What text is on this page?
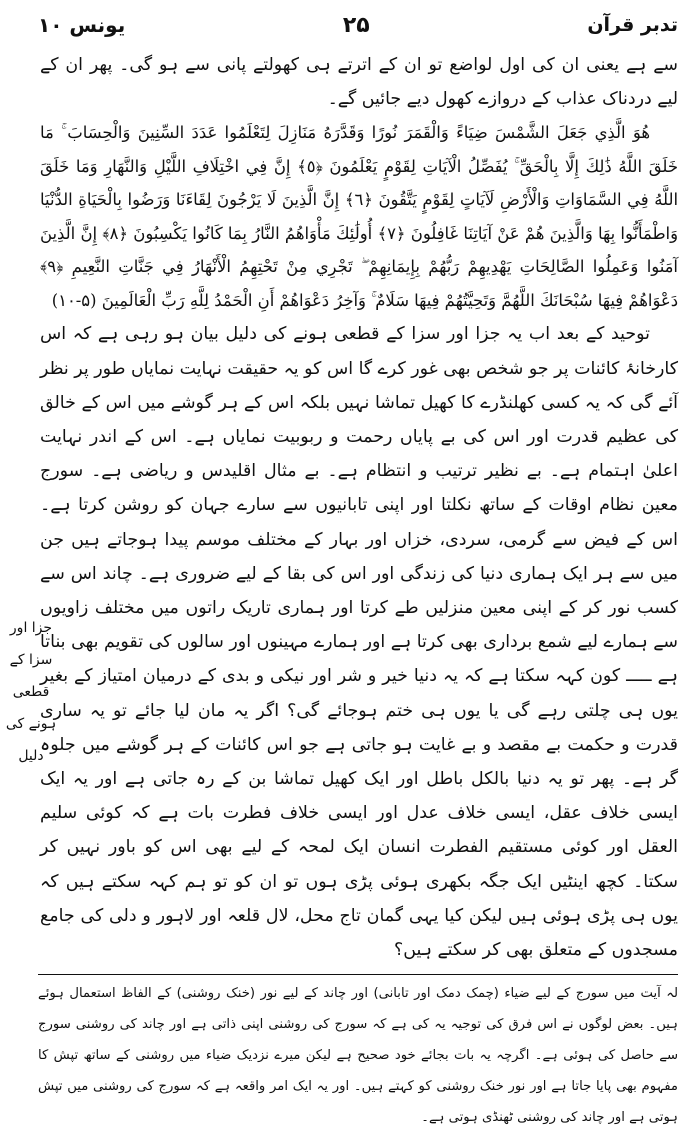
یونس ۱۰	۲۵	تدبر قرآن

سے ہے یعنی ان کی اول لواضع تو ان کے اترتے ہی کھولتے پانی سے ہو گی۔ پھر ان کے لیے دردناک عذاب کے دروازے کھول دیے جائیں گے۔

هُوَ الَّذِي جَعَلَ الشَّمْسَ ضِيَاءً وَالْقَمَرَ نُورًا وَقَدَّرَهُ مَنَازِلَ لِتَعْلَمُوا عَدَدَ السِّنِينَ وَالْحِسَابَ ۚ مَا خَلَقَ اللَّهُ ذَٰلِكَ إِلَّا بِالْحَقِّ ۚ يُفَصِّلُ الْآيَاتِ لِقَوْمٍ يَعْلَمُونَ ﴿٥﴾ إِنَّ فِي اخْتِلَافِ اللَّيْلِ وَالنَّهَارِ وَمَا خَلَقَ اللَّهُ فِي السَّمَاوَاتِ وَالْأَرْضِ لَآيَاتٍ لِقَوْمٍ يَتَّقُونَ ﴿٦﴾ إِنَّ الَّذِينَ لَا يَرْجُونَ لِقَاءَنَا وَرَضُوا بِالْحَيَاةِ الدُّنْيَا وَاطْمَأَنُّوا بِهَا وَالَّذِينَ هُمْ عَنْ آيَاتِنَا غَافِلُونَ ﴿٧﴾ أُولَٰئِكَ مَأْوَاهُمُ النَّارُ بِمَا كَانُوا يَكْسِبُونَ ﴿٨﴾ إِنَّ الَّذِينَ آمَنُوا وَعَمِلُوا الصَّالِحَاتِ يَهْدِيهِمْ رَبُّهُمْ بِإِيمَانِهِمْ ۖ تَجْرِي مِنْ تَحْتِهِمُ الْأَنْهَارُ فِي جَنَّاتِ النَّعِيمِ ﴿٩﴾ دَعْوَاهُمْ فِيهَا سُبْحَانَكَ اللَّهُمَّ وَتَحِيَّتُهُمْ فِيهَا سَلَامٌ ۚ وَآخِرُ دَعْوَاهُمْ أَنِ الْحَمْدُ لِلَّهِ رَبِّ الْعَالَمِينَ (۵-۱۰)

توحید کے بعد اب یہ جزا اور سزا کے قطعی ہونے کی دلیل بیان ہو رہی ہے کہ اس کارخانۂ کائنات پر جو شخص بھی غور کرے گا اس کو یہ حقیقت نہایت نمایاں طور پر نظر آئے گی کہ یہ کسی کھلنڈرے کا کھیل تماشا نہیں بلکہ اس کے ہر گوشے میں اس کے خالق کی عظیم قدرت اور اس کی بے پایاں رحمت و ربوبیت نمایاں ہے۔ اس کے اندر نہایت اعلیٰ اہتمام ہے۔ بے نظیر ترتیب و انتظام ہے۔ بے مثال اقلیدس و ریاضی ہے۔ سورج معین نظام اوقات کے ساتھ نکلتا اور اپنی تابانیوں سے سارے جہان کو روشن کرتا ہے۔ اس کے فیض سے گرمی، سردی، خزاں اور بہار کے مختلف موسم پیدا ہوجاتے ہیں جن میں سے ہر ایک ہماری دنیا کی زندگی اور اس کی بقا کے لیے ضروری ہے۔ چاند اس سے کسب نور کر کے اپنی معین منزلیں طے کرتا اور ہماری تاریک راتوں میں مختلف زاویوں سے ہمارے لیے شمع برداری بھی کرتا ہے اور ہمارے مہینوں اور سالوں کی تقویم بھی بناتا ہے ـــــ کون کہہ سکتا ہے کہ یہ دنیا خیر و شر اور نیکی و بدی کے درمیان امتیاز کے بغیر یوں ہی چلتی رہے گی یا یوں ہی ختم ہوجائے گی؟ اگر یہ مان لیا جائے تو یہ ساری قدرت و حکمت بے مقصد و بے غایت ہو جاتی ہے جو اس کائنات کے ہر گوشے میں جلوہ گر ہے۔ پھر تو یہ دنیا بالکل باطل اور ایک کھیل تماشا بن کے رہ جاتی ہے اور یہ ایک ایسی خلاف عقل، ایسی خلاف عدل اور ایسی خلاف فطرت بات ہے کہ کوئی سلیم العقل اور کوئی مستقیم الفطرت انسان ایک لمحہ کے لیے بھی اس کو باور نہیں کر سکتا۔ کچھ اینٹیں ایک جگہ بکھری ہوئی پڑی ہوں تو ان کو تو ہم کہہ سکتے ہیں کہ یوں ہی پڑی ہوئی ہیں لیکن کیا یہی گمان تاج محل، لال قلعہ اور لاہور و دلی کی جامع مسجدوں کے متعلق بھی کر سکتے ہیں؟

جزا اور سزا کے قطعی ہونے کی دلیل

لہ آیت میں سورج کے لیے ضیاء (چمک دمک اور تابانی) اور چاند کے لیے نور (خنک روشنی) کے الفاظ استعمال ہوئے ہیں۔ بعض لوگوں نے اس فرق کی توجیہ یہ کی ہے کہ سورج کی روشنی اپنی ذاتی ہے اور چاند کی روشنی سورج سے حاصل کی ہوئی ہے۔ اگرچہ یہ بات بجائے خود صحیح ہے لیکن میرے نزدیک ضیاء میں روشنی کے ساتھ تپش کا مفہوم بھی پایا جاتا ہے اور نور خنک روشنی کو کہتے ہیں۔ اور یہ ایک امر واقعہ ہے کہ سورج کی روشنی میں تپش ہوتی ہے اور چاند کی روشنی ٹھنڈی ہوتی ہے۔
